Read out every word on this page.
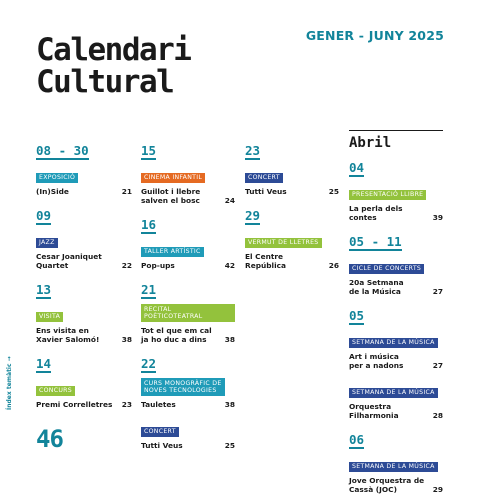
Calendari
Cultural
GENER - JUNY 2025
08 - 30
EXPOSICIÓ
(In)Side	21
09
JAZZ
Cesar Joaniquet
Quartet	22
13
VISITA
Ens visita en
Xavier Salomó!	38
14
CONCURS
Premi Correlletres	23
15
CINEMA INFANTIL
Guillot i llebre
salven el bosc	24
16
TALLER ARTÍSTIC
Pop-ups	42
21
RECITAL POÈTICOTEATRAL
Tot el que em cal
ja ho duc a dins	38
22
CURS MONOGRÀFIC DE
NOVES TECNOLOGIES
Tauletes	38
CONCERT
Tutti Veus	25
23
CONCERT
Tutti Veus	25
29
VERMUT DE LLETRES
El Centre República	26
Abril
04
PRESENTACIÓ LLIBRE
La perla dels contes	39
05 - 11
CICLE DE CONCERTS
20a Setmana
de la Música	27
05
SETMANA DE LA MÚSICA
Art i música
per a nadons	27
SETMANA DE LA MÚSICA
Orquestra
Filharmonia	28
06
SETMANA DE LA MÚSICA
Jove Orquestra de
Cassà (JOC)	29
Índex temàtic →
46
